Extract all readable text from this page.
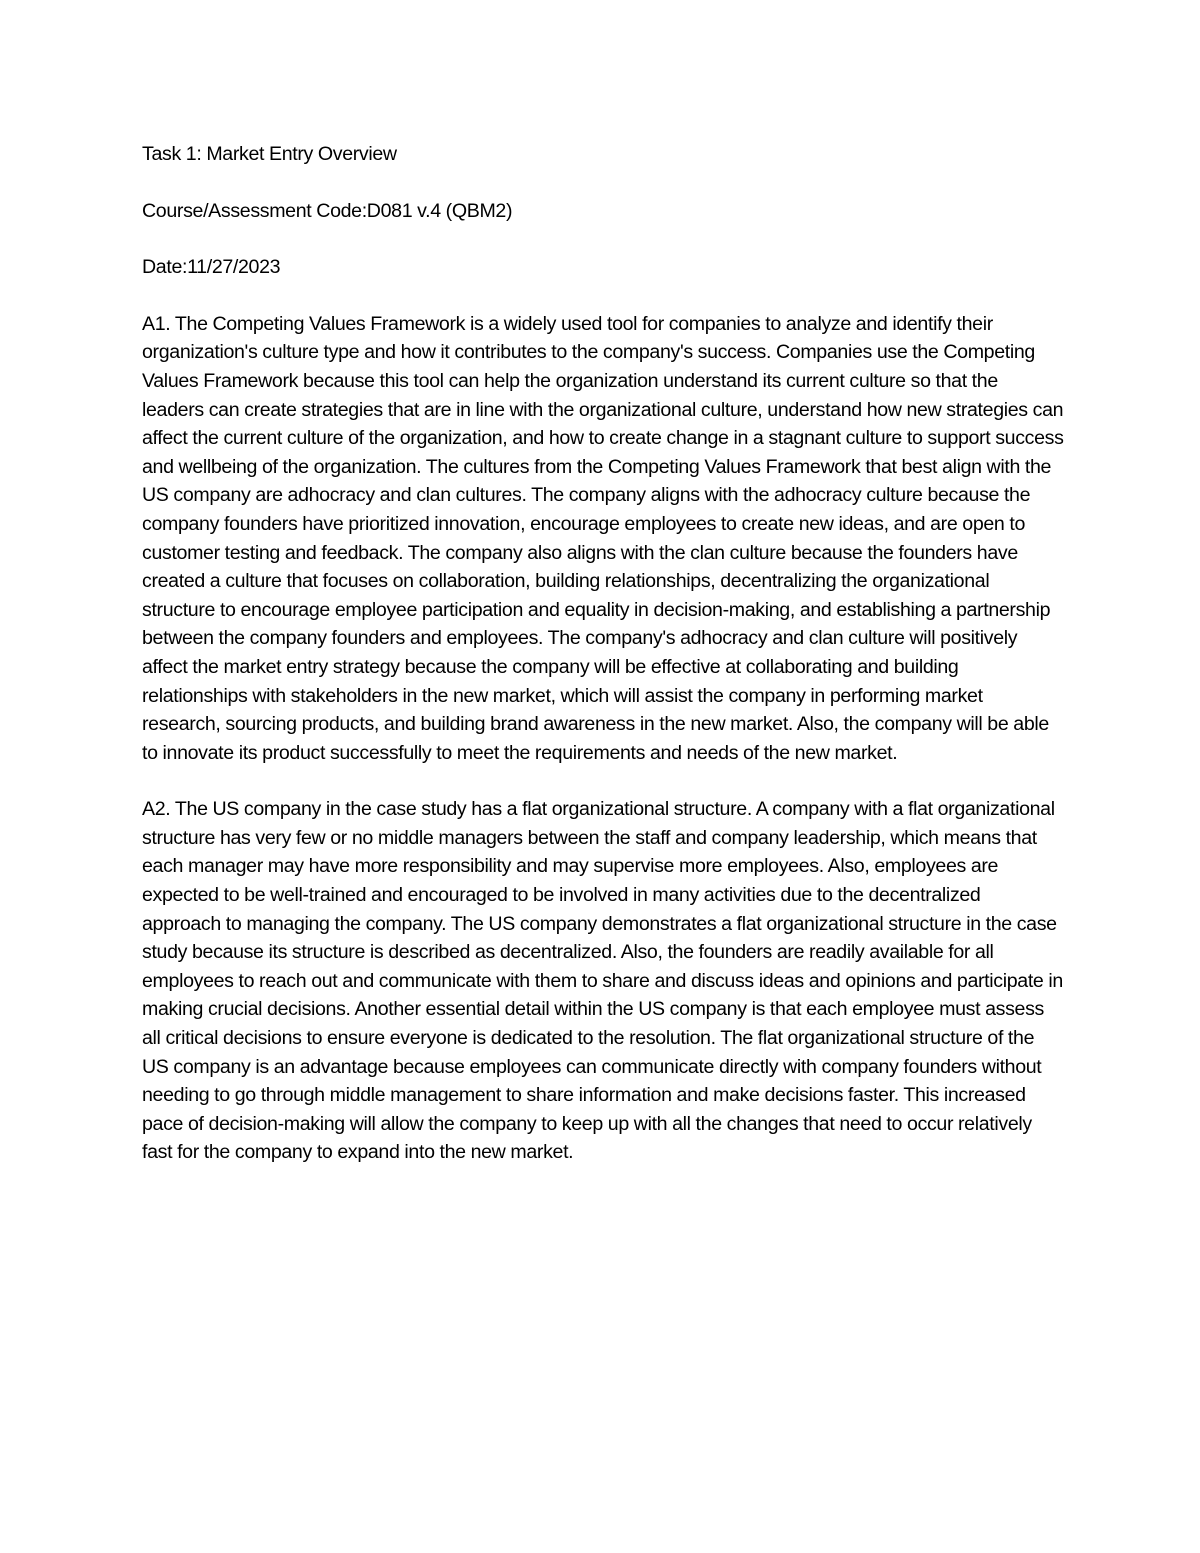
Task 1: Market Entry Overview

Course/Assessment Code:D081 v.4 (QBM2)

Date:11/27/2023

A1. The Competing Values Framework is a widely used tool for companies to analyze and identify their organization's culture type and how it contributes to the company's success. Companies use the Competing Values Framework because this tool can help the organization understand its current culture so that the leaders can create strategies that are in line with the organizational culture, understand how new strategies can affect the current culture of the organization, and how to create change in a stagnant culture to support success and wellbeing of the organization. The cultures from the Competing Values Framework that best align with the US company are adhocracy and clan cultures. The company aligns with the adhocracy culture because the company founders have prioritized innovation, encourage employees to create new ideas, and are open to customer testing and feedback. The company also aligns with the clan culture because the founders have created a culture that focuses on collaboration, building relationships, decentralizing the organizational structure to encourage employee participation and equality in decision-making, and establishing a partnership between the company founders and employees. The company's adhocracy and clan culture will positively affect the market entry strategy because the company will be effective at collaborating and building relationships with stakeholders in the new market, which will assist the company in performing market research, sourcing products, and building brand awareness in the new market. Also, the company will be able to innovate its product successfully to meet the requirements and needs of the new market.

A2. The US company in the case study has a flat organizational structure. A company with a flat organizational structure has very few or no middle managers between the staff and company leadership, which means that each manager may have more responsibility and may supervise more employees. Also, employees are expected to be well-trained and encouraged to be involved in many activities due to the decentralized approach to managing the company. The US company demonstrates a flat organizational structure in the case study because its structure is described as decentralized. Also, the founders are readily available for all employees to reach out and communicate with them to share and discuss ideas and opinions and participate in making crucial decisions. Another essential detail within the US company is that each employee must assess all critical decisions to ensure everyone is dedicated to the resolution. The flat organizational structure of the US company is an advantage because employees can communicate directly with company founders without needing to go through middle management to share information and make decisions faster. This increased pace of decision-making will allow the company to keep up with all the changes that need to occur relatively fast for the company to expand into the new market.
